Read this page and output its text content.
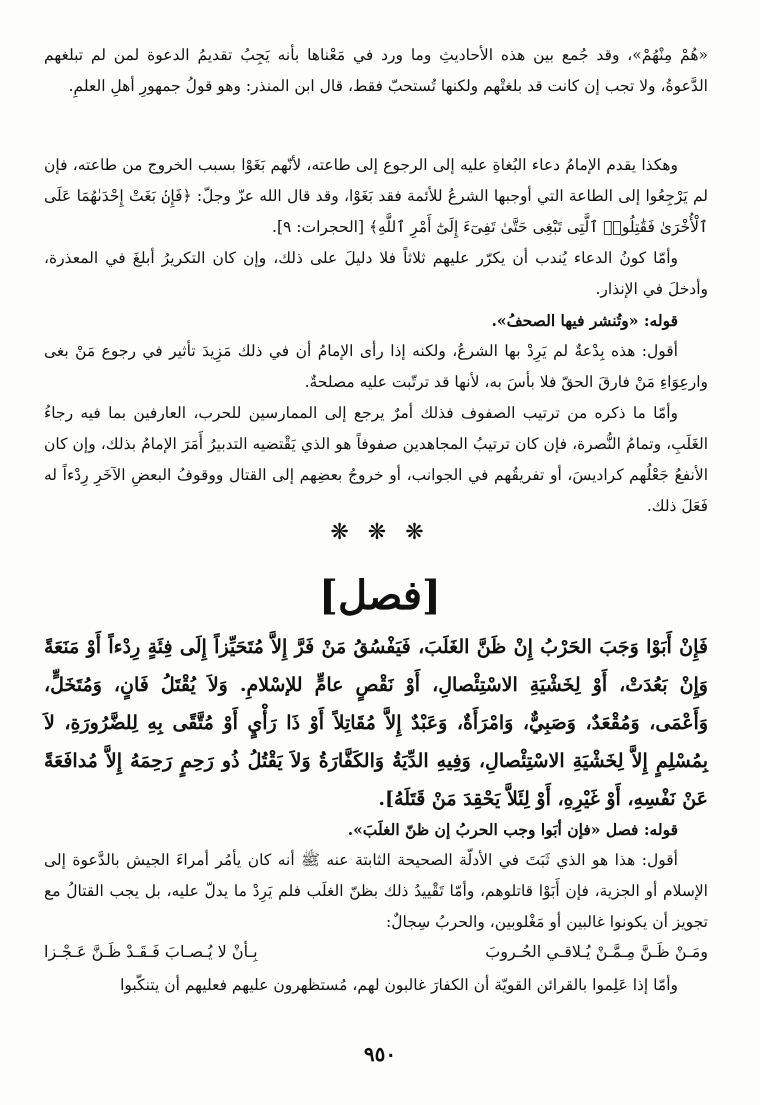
«هُمْ مِنْهُمْ»، وقد جُمع بين هذه الأحاديثِ وما ورد في مَعْناها بأنه يَجِبُ تقديمُ الدعوة لمن لم تبلغهم الدَّعوةُ، ولا تجب إن كانت قد بلغتْهم ولكنها تُستحبّ فقط، قال ابن المنذر: وهو قولُ جمهورِ أهلِ العلمِ.

وهكذا يقدم الإمامُ دعاء البُغاةِ عليه إلى الرجوع إلى طاعته، لأنّهم بَغَوْا بسبب الخروج من طاعته، فإن لم يَرْجِعُوا إلى الطاعة التي أوجبها الشرعُ للأئمة فقد بَغَوْا، وقد قال الله عزّ وجلّ: ﴿فَإِنۢ بَغَتْ إِحْدَىٰهُمَا عَلَى ٱلْأُخْرَىٰ فَقَٰتِلُوا۟ ٱلَّتِى تَبْغِى حَتَّىٰ تَفِىٓءَ إِلَىٰٓ أَمْرِ ٱللَّهِ﴾ [الحجرات: ٩].

وأمّا كونُ الدعاء يُندب أن يكرّر عليهم ثلاثاً فلا دليلَ على ذلك، وإن كان التكريرُ أبلغَ في المعذرة، وأدخلَ في الإنذار.

قوله: «وتُنشر فيها الصحفُ».

أقول: هذه بِدْعةٌ لم يَرِدْ بها الشرعُ، ولكنه إذا رأى الإمامُ أن في ذلك مَزِيدَ تأثير في رجوع مَنْ بغى وارعِوَاءِ مَنْ فارقَ الحقّ فلا بأسَ به، لأنها قد ترتّبت عليه مصلحةٌ.

وأمّا ما ذكره من ترتيب الصفوف فذلك أمرٌ يرجع إلى الممارسين للحرب، العارفين بما فيه رجاءُ الغَلَبِ، وتمامُ النُّصرة، فإن كان ترتيبُ المجاهدين صفوفاً هو الذي يَقْتضيه التدبيرُ أَمَرَ الإمامُ بذلك، وإن كان الأنفعُ جَعْلُهم كراديسَ، أو تفريقُهم في الجوانب، أو خروجُ بعضِهم إلى القتال ووقوفُ البعضِ الآخَرِ رِدْءاً له فَعَلَ ذلك.

❋ ❋ ❋
[فصل]

فَإِنْ أَبَوْا وَجَبَ الحَرْبُ إِنْ ظَنَّ الغَلَبَ، فَيَفْسُقُ مَنْ فَرَّ إِلاَّ مُتَحَيِّزاً إِلَى فِئَةٍ رِدْءاً أَوْ مَنَعَةً وَإِنْ بَعُدَتْ، أَوْ لِخَشْيَةِ الاسْتِئْصالِ، أَوْ نَقْصٍ عامٍّ للإسْلامِ. وَلاَ يُقْتَلُ فَانٍ، وَمُتَخَلٍّ، وَأَعْمَى، وَمُقْعَدٌ، وَصَبِيٌّ، وَامْرَأَةٌ، وَعَبْدٌ إِلاَّ مُقَاتِلاً أَوْ ذَا رَأْيٍ أَوْ مُتَّقًى بِهِ لِلضَّرُورَةِ، لاَ بِمُسْلِمٍ إِلاَّ لِخَشْيَةِ الاسْتِئْصالِ، وَفِيهِ الدِّيَةُ وَالكَفَّارَةُ وَلاَ يَقْتُلُ ذُو رَحِمٍ رَحِمَهُ إِلاَّ مُدافَعَةً عَنْ نَفْسِهِ، أَوْ غَيْرِهِ، أَوْ لِئَلاَّ يَحْقِدَ مَنْ قَتَلَهُ].

قوله: فصل «فإن أبَوا وجب الحربُ إن ظنّ الغلَبَ».

أقول: هذا هو الذي ثَبَتَ في الأدلّة الصحيحة الثابتة عنه ﷺ أنه كان يأمُر أمراءَ الجيش بالدَّعوة إلى الإسلام أو الجزية، فإن أَبَوْا قاتلوهم، وأمّا تَقْييدُ ذلك بظنّ الغلَب فلم يَرِدْ ما يدلّ عليه، بل يجب القتالُ مع تجويز أن يكونوا غالبين أو مَغْلوبين، والحربُ سِجالٌ:

ومَـنْ ظَـنَّ مِـمَّـنْ يُـلاقـي الحُـروبَ
بِـأنْ لا يُـصـابَ فَـقَـدْ ظَـنَّ عَـجْـزا

وأمّا إذا عَلِموا بالقرائن القويّة أن الكفارَ غالبون لهم، مُستظهرون عليهم فعليهم أن يتنكّبوا

٩٥٠
